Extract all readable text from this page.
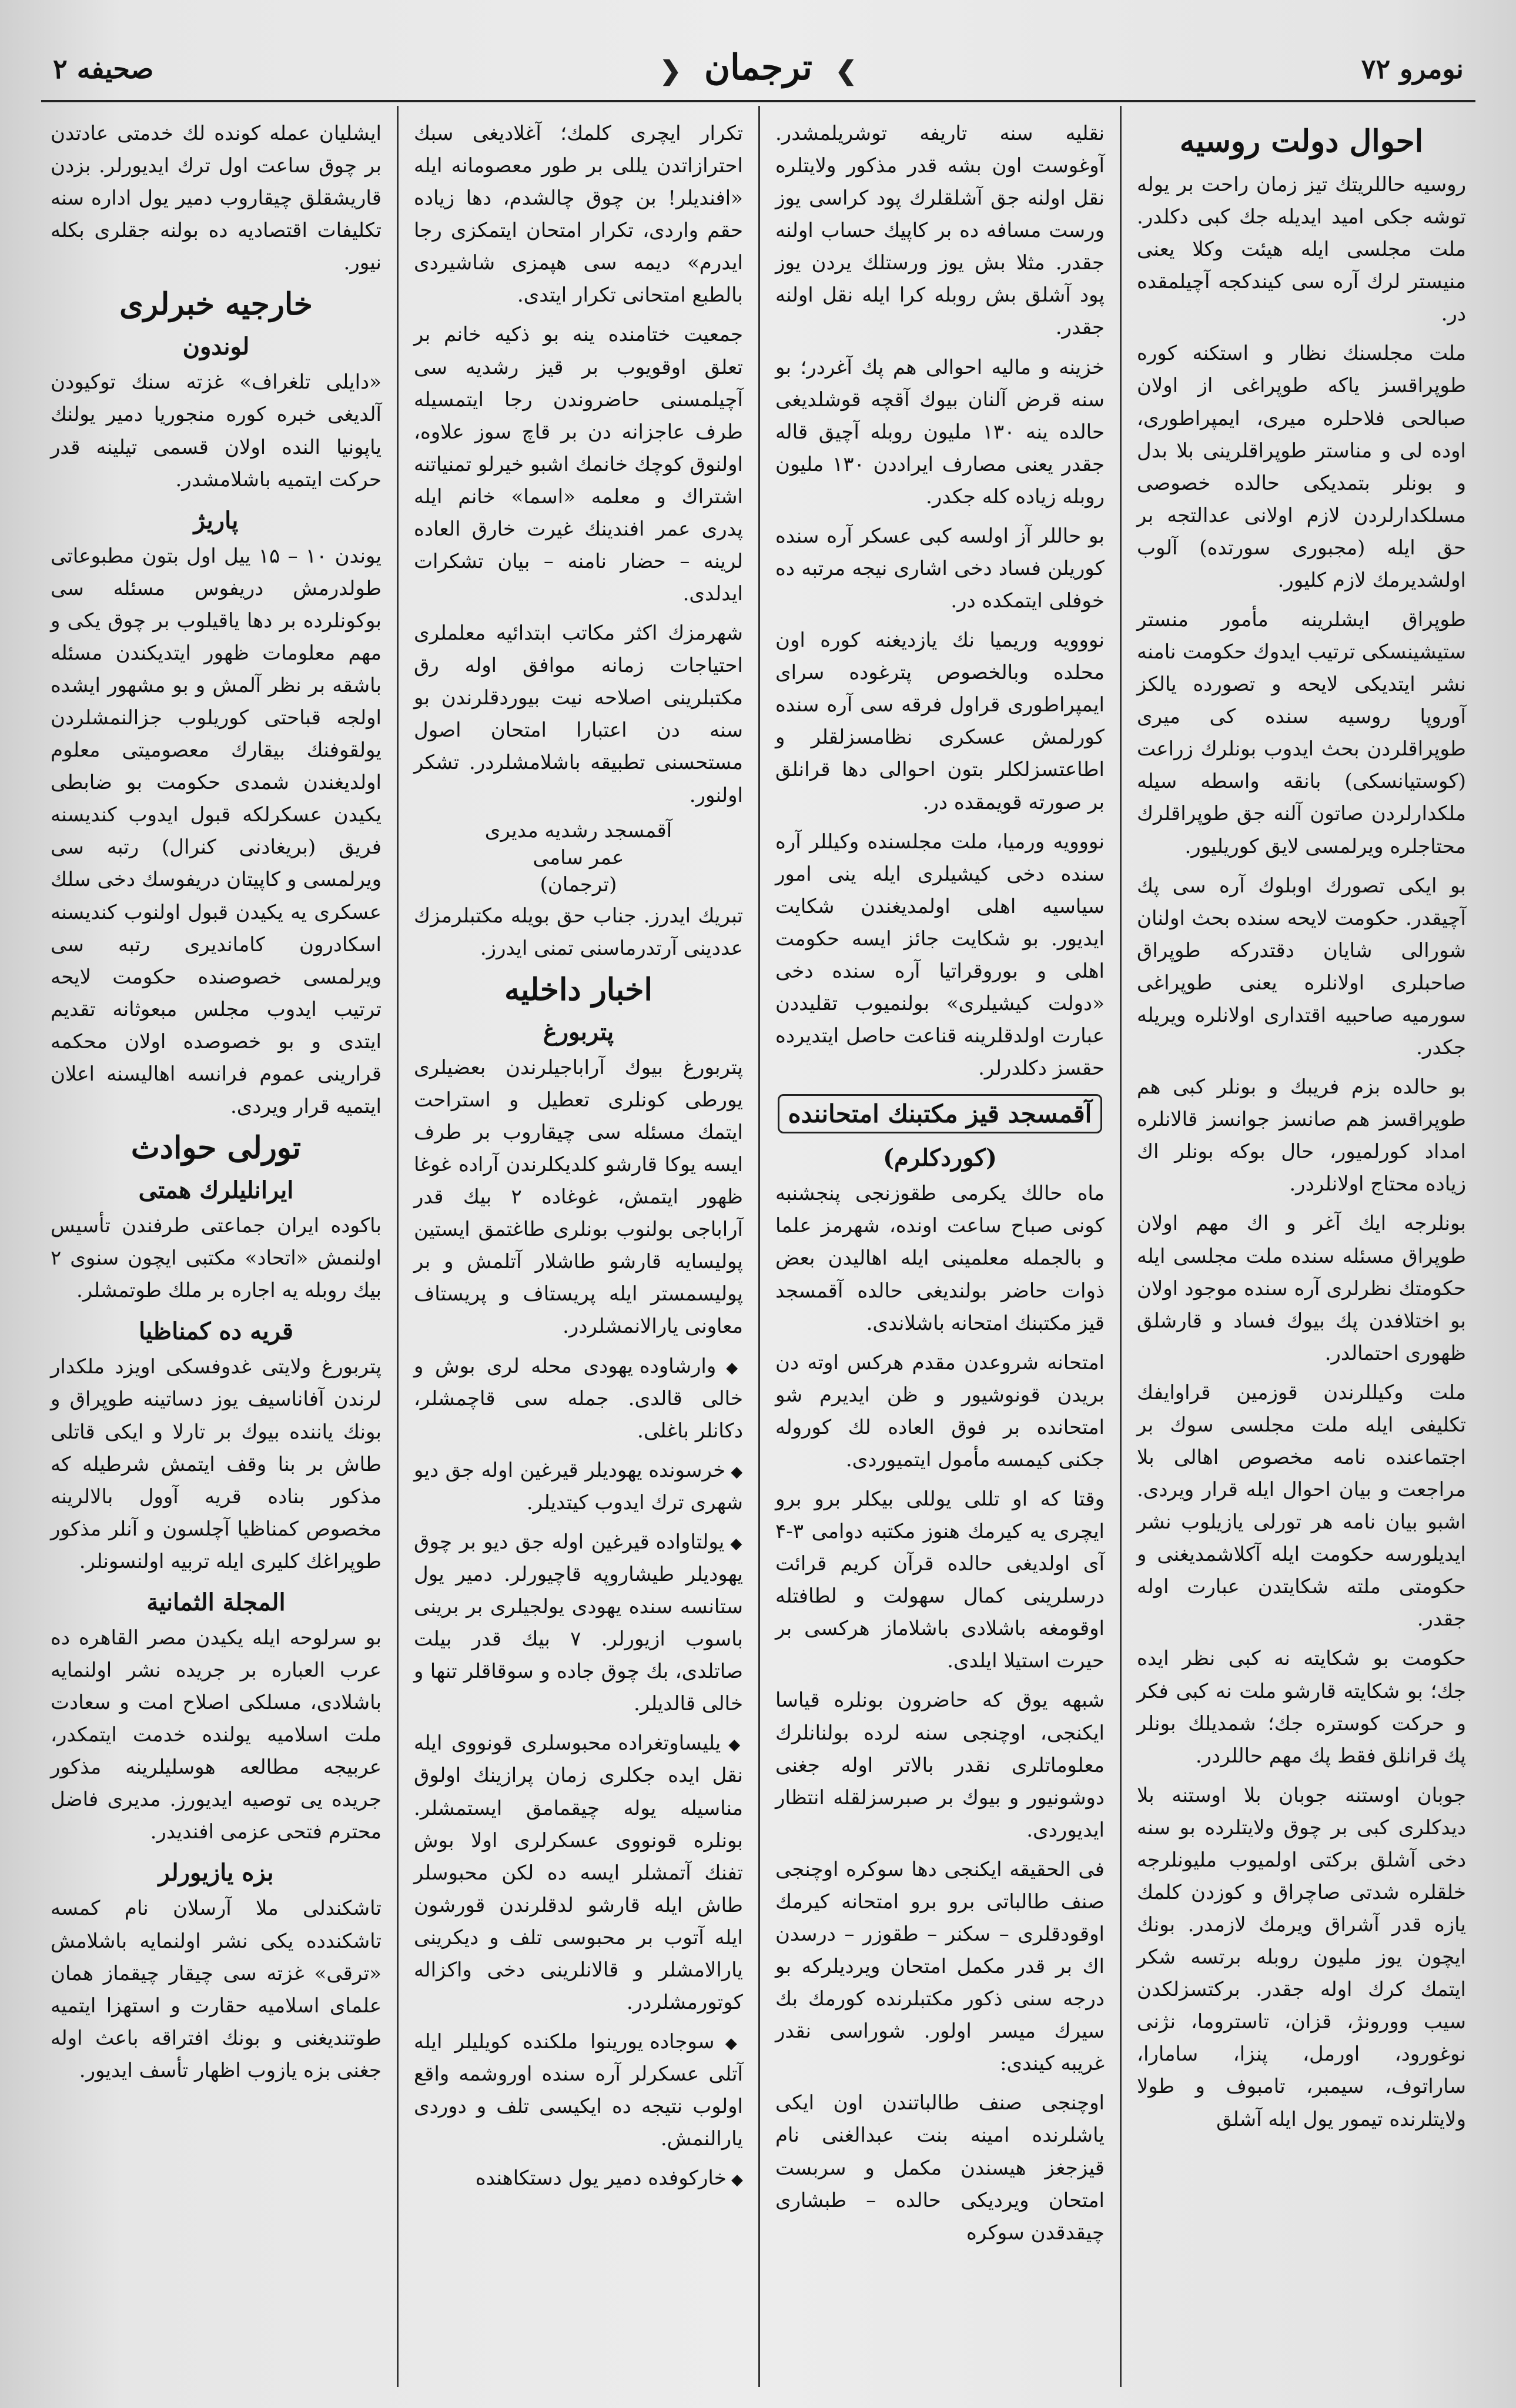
نومرو ۷۲
❯ ترجمان ❮
صحیفه ۲
احوال دولت روسیه

روسیه حاللریتك تیز زمان راحت بر یوله توشه جکی امید ایدیله جك کبی دکلدر. ملت مجلسی ایله هیئت وکلا یعنی منیستر لرك آره سی کیندکجه آچیلمقده در.

ملت مجلسنك نظار و استکنه کوره طوپراقسز یاکه طوپراغی از اولان صبالحی فلاحلره میری، ایمپراطوری، اوده لی و مناستر طوپراقلرینی بلا بدل و بونلر بتمدیکی حالده خصوصی مسلکدارلردن لازم اولانی عدالتجه بر حق ایله (مجبوری سورتده) آلوب اولشدیرمك لازم کلیور.

طوپراق ایشلرینه مأمور منستر ستیشینسکی ترتیب ایدوك حکومت نامنه نشر ایتدیکی لایحه و تصورده یالکز آوروپا روسیه سنده کی میری طوپراقلردن بحث ایدوب بونلرك زراعت (کوستیانسکی) بانقه واسطه سیله ملکدارلردن صاتون آلنه جق طوپراقلرك محتاجلره ویرلمسی لایق کوریلیور.

بو ایکی تصورك اوبلوك آره سی پك آچیقدر. حکومت لایحه سنده بحث اولنان شورالی شایان دقتدرکه طوپراق صاحبلری اولانلره یعنی طوپراغی سورمیه صاحبیه اقتداری اولانلره ویریله جکدر.

بو حالده بزم فریبك و بونلر کبی هم طوپراقسز هم صانسز جوانسز قالانلره امداد کورلمیور، حال بوکه بونلر اك زیاده محتاج اولانلردر.

بونلرجه ایك آغر و اك مهم اولان طوپراق مسئله سنده ملت مجلسی ایله حکومتك نظرلری آره سنده موجود اولان بو اختلافدن پك بیوك فساد و قارشلق ظهوری احتمالدر.

ملت وکیللرندن قوزمین قراوایفك تکلیفی ایله ملت مجلسی سوك بر اجتماعنده نامه مخصوص اهالی بلا مراجعت و بیان احوال ایله قرار ویردی. اشبو بیان نامه هر تورلی یازیلوب نشر ایدیلورسه حکومت ایله آکلاشمدیغنی و حکومتی ملته شکایتدن عبارت اوله جقدر.

حکومت بو شکایته نه کبی نظر ایده جك؛ بو شکایته قارشو ملت نه کبی فکر و حرکت کوستره جك؛ شمدیلك بونلر پك قرانلق فقط پك مهم حاللردر.

جوبان اوستنه جوبان بلا اوستنه بلا دیدکلری کبی بر چوق ولایتلرده بو سنه دخی آشلق برکتی اولمیوب ملیونلرجه خلقلره شدتی صاچراق و کوزدن کلمك یازه قدر آشراق ویرمك لازمدر. بونك ایچون یوز ملیون روبله برتسه شکر ایتمك کرك اوله جقدر. برکتسزلکدن سیب وورونژ، قزان، تاستروما، نژنی نوغورود، اورمل، پنزا، سامارا، ساراتوف، سیمبر، تامبوف و طولا ولایتلرنده تیمور یول ایله آشلق

نقلیه سنه تاریفه توشریلمشدر. آوغوست اون بشه قدر مذکور ولایتلره نقل اولنه جق آشلقلرك پود کراسی یوز ورست مسافه ده بر کاپیك حساب اولنه جقدر. مثلا بش یوز ورستلك یردن یوز پود آشلق بش روبله کرا ایله نقل اولنه جقدر.

خزینه و مالیه احوالی هم پك آغردر؛ بو سنه قرض آلنان بیوك آقچه قوشلدیغی حالده ینه ۱۳۰ ملیون روبله آچیق قاله جقدر یعنی مصارف ایراددن ۱۳۰ ملیون روبله زیاده کله جکدر.

بو حاللر آز اولسه کبی عسکر آره سنده کوریلن فساد دخی اشاری نیجه مرتبه ده خوفلی ایتمکده در.

نووویه وریمیا نك یازدیغنه کوره اون محلده وبالخصوص پترغوده سرای ایمپراطوری قراول فرقه سی آره سنده کورلمش عسکری نظامسزلقلر و اطاعتسزلکلر بتون احوالی دها قرانلق بر صورته قویمقده در.

نووویه ورمیا، ملت مجلسنده وکیللر آره سنده دخی کیشیلری ایله ینی امور سیاسیه اهلی اولمدیغندن شکایت ایدیور. بو شکایت جائز ایسه حکومت اهلی و بوروقراتیا آره سنده دخی «دولت کیشیلری» بولنمیوب تقلیددن عبارت اولدقلرینه قناعت حاصل ایتدیرده حقسز دکلدرلر.

آقمسجد قیز مکتبنك امتحاننده
(کوردکلرم)

ماه حالك یکرمی طقوزنجی پنجشنبه کونی صباح ساعت اونده، شهرمز علما و بالجمله معلمینی ایله اهالیدن بعض ذوات حاضر بولندیغی حالده آقمسجد قیز مکتبنك امتحانه باشلاندی.

امتحانه شروعدن مقدم هرکس اوته دن بریدن قونوشیور و ظن ایدیرم شو امتحانده بر فوق العاده لك کوروله جکنی کیمسه مأمول ایتمیوردی.

وقتا که او تللی یوللی بیکلر برو برو ایچری یه کیرمك هنوز مکتبه دوامی ۳-۴ آی اولدیغی حالده قرآن کریم قرائت درسلرینی کمال سهولت و لطافتله اوقومغه باشلادی باشلاماز هرکسی بر حیرت استیلا ایلدی.

شبهه یوق که حاضرون بونلره قیاسا ایکنجی، اوچنجی سنه لرده بولنانلرك معلوماتلری نقدر بالاتر اوله جغنی دوشونیور و بیوك بر صبرسزلقله انتظار ایدیوردی.

فی الحقیقه ایکنجی دها سوکره اوچنجی صنف طالباتی برو برو امتحانه کیرمك اوقودقلری – سکنر – طقوزر – درسدن اك بر قدر مکمل امتحان ویردیلرکه بو درجه سنی ذکور مکتبلرنده کورمك بك سیرك میسر اولور. شوراسی نقدر غریبه کیندی:

اوچنجی صنف طالباتندن اون ایکی یاشلرنده امینه بنت عبدالغنی نام قیزجغز هیسندن مکمل و سربست امتحان ویردیکی حالده – طبشاری چیقدقدن سوکره

تکرار ایچری کلمك؛ آغلادیغی سبك احترازاتدن یللی بر طور معصومانه ایله «افندیلر! بن چوق چالشدم، دها زیاده حقم واردی، تکرار امتحان ایتمکزی رجا ایدرم» دیمه سی هپمزی شاشیردی بالطبع امتحانی تکرار ایتدی.

جمعیت ختامنده ینه بو ذکیه خانم بر تعلق اوقویوب بر قیز رشدیه سی آچیلمسنی حاضروندن رجا ایتمسیله طرف عاجزانه دن بر قاچ سوز علاوه، اولنوق کوچك خانمك اشبو خیرلو تمنیاتنه اشتراك و معلمه «اسما» خانم ایله پدری عمر افندینك غیرت خارق العاده لرینه – حضار نامنه – بیان تشکرات ایدلدی.

شهرمزك اکثر مکاتب ابتدائیه معلملری احتیاجات زمانه موافق اوله رق مکتبلرینی اصلاحه نیت بیوردقلرندن بو سنه دن اعتبارا امتحان اصول مستحسنی تطبیقه باشلامشلردر. تشکر اولنور.

آقمسجد رشدیه مدیری
عمر سامی
(ترجمان)

تبریك ایدرز. جناب حق بویله مکتبلرمزك عددینی آرتدرماسنی تمنی ایدرز.

اخبار داخلیه
پتربورغ

پتربورغ بیوك آراباجیلرندن بعضیلری یورطی کونلری تعطیل و استراحت ایتمك مسئله سی چیقاروب بر طرف ایسه یوکا قارشو کلدیکلرندن آراده غوغا ظهور ایتمش، غوغاده ۲ بیك قدر آراباجی بولنوب بونلری طاغتمق ایستین پولیسایه قارشو طاشلار آتلمش و بر پولیسمستر ایله پریستاف و پریستاف معاونی یارالانمشلردر.

◆ وارشاوده یهودی محله لری بوش و خالی قالدی. جمله سی قاچمشلر، دکانلر باغلی.

◆ خرسونده یهودیلر قیرغین اوله جق دیو شهری ترك ایدوب کیتدیلر.

◆ یولتاواده قیرغین اوله جق دیو بر چوق یهودیلر طیشاروپه قاچیورلر. دمیر یول ستانسه سنده یهودی یولجیلری بر برینی باسوب ازیورلر. ۷ بیك قدر بیلت صاتلدی، بك چوق جاده و سوقاقلر تنها و خالی قالدیلر.

◆ یلیساوتغراده محبوسلری قونووی ایله نقل ایده جکلری زمان پرازینك اولوق مناسیله یوله چیقمامق ایستمشلر. بونلره قونووی عسکرلری اولا بوش تفنك آتمشلر ایسه ده لکن محبوسلر طاش ایله قارشو لدقلرندن قورشون ایله آتوب بر محبوسی تلف و دیکرینی یارالامشلر و قالانلرینی دخی واکزاله کوتورمشلردر.

◆ سوجاده یورینوا ملکنده کویلیلر ایله آتلی عسکرلر آره سنده اوروشمه واقع اولوب نتیجه ده ایکیسی تلف و دوردی یارالنمش.

◆ خارکوفده دمیر یول دستکاهنده

ایشلیان عمله کونده لك خدمتی عادتدن بر چوق ساعت اول ترك ایدیورلر. بزدن قاریشقلق چیقاروب دمیر یول اداره سنه تکلیفات اقتصادیه ده بولنه جقلری بکله نیور.

خارجیه خبرلری
لوندون

«دایلی تلغراف» غزته سنك توکیودن آلدیغی خبره کوره منجوریا دمیر یولنك یاپونیا النده اولان قسمی تیلینه قدر حرکت ایتمیه باشلامشدر.

پاریژ

یوندن ۱۰ – ۱۵ ییل اول بتون مطبوعاتی طولدرمش دریفوس مسئله سی بوکونلرده بر دها یاقیلوب بر چوق یکی و مهم معلومات ظهور ایتدیکندن مسئله باشقه بر نظر آلمش و بو مشهور ایشده اولجه قباحتی کوریلوب جزالنمشلردن یولقوفنك بیقارك معصومیتی معلوم اولدیغندن شمدی حکومت بو ضابطی یکیدن عسکرلکه قبول ایدوب کندیسنه فریق (بریغادنی کنرال) رتبه سی ویرلمسی و کاپیتان دریفوسك دخی سلك عسکری یه یکیدن قبول اولنوب کندیسنه اسکادرون کاماندیری رتبه سی ویرلمسی خصوصنده حکومت لایحه ترتیب ایدوب مجلس مبعوثانه تقدیم ایتدی و بو خصوصده اولان محکمه قرارینی عموم فرانسه اهالیسنه اعلان ایتمیه قرار ویردی.

تورلی حوادث
ایرانلیلرك همتی

باکوده ایران جماعتی طرفندن تأسیس اولنمش «اتحاد» مکتبی ایچون سنوی ۲ بیك روبله یه اجاره بر ملك طوتمشلر.

قریه ده کمناظیا

پتربورغ ولایتی غدوفسکی اویزد ملکدار لرندن آفاناسیف یوز دساتینه طوپراق و بونك یاننده بیوك بر تارلا و ایکی قاتلی طاش بر بنا وقف ایتمش شرطیله که مذکور بناده قریه آوول بالالرینه مخصوص کمناظیا آچلسون و آنلر مذکور طوپراغك کلیری ایله تربیه اولنسونلر.

المجلة الثمانیة

بو سرلوحه ایله یکیدن مصر القاهره ده عرب العباره بر جریده نشر اولنمایه باشلادی، مسلکی اصلاح امت و سعادت ملت اسلامیه یولنده خدمت ایتمکدر، عربیجه مطالعه هوسلیلرینه مذکور جریده یی توصیه ایدیورز. مدیری فاضل محترم فتحی عزمی افندیدر.

بزه یازیورلر

تاشکندلی ملا آرسلان نام کمسه تاشکندده یکی نشر اولنمایه باشلامش «ترقی» غزته سی چیقار چیقماز همان علمای اسلامیه حقارت و استهزا ایتمیه طوتندیغنی و بونك افتراقه باعث اوله جغنی بزه یازوب اظهار تأسف ایدیور.
